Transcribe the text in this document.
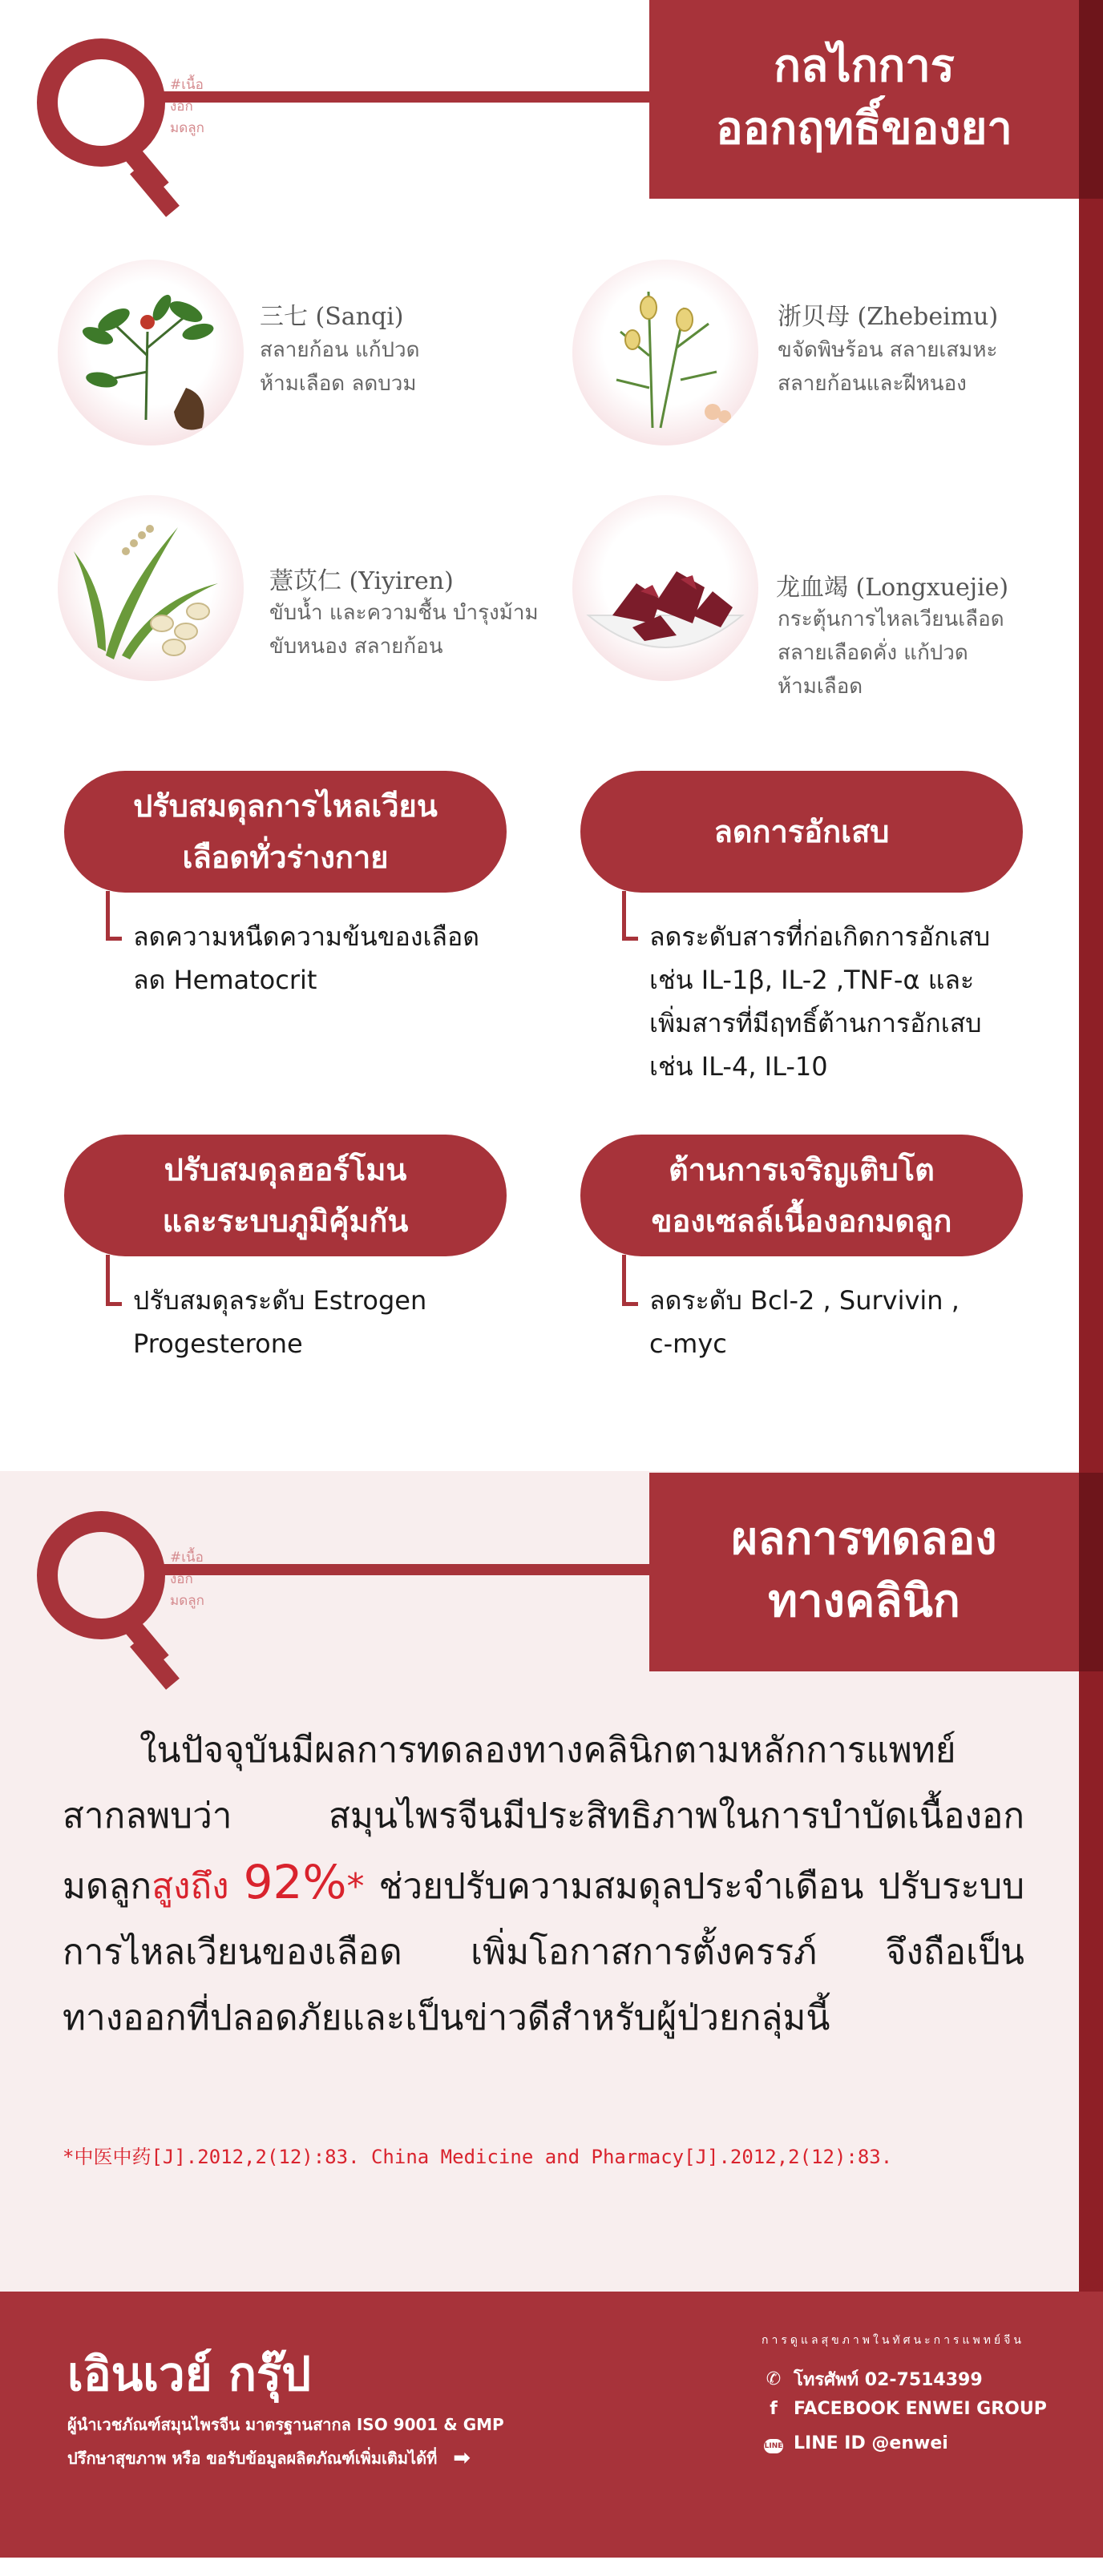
#เนื้องอกมดลูก
กลไกการ
ออกฤทธิ์ของยา
三七 (Sanqi)
สลายก้อน แก้ปวด
ห้ามเลือด ลดบวม
浙贝母 (Zhebeimu)
ขจัดพิษร้อน สลายเสมหะ
สลายก้อนและฝีหนอง
薏苡仁 (Yiyiren)
ขับน้ำ และความชื้น บำรุงม้าม
ขับหนอง สลายก้อน
龙血竭 (Longxuejie)
กระตุ้นการไหลเวียนเลือด
สลายเลือดคั่ง แก้ปวด
ห้ามเลือด
ปรับสมดุลการไหลเวียน
เลือดทั่วร่างกาย
ลดความหนืดความข้นของเลือด
ลด Hematocrit
ลดการอักเสบ
ลดระดับสารที่ก่อเกิดการอักเสบ
เช่น IL-1β, IL-2 ,TNF-α และ
เพิ่มสารที่มีฤทธิ์ต้านการอักเสบ
เช่น IL-4, IL-10
ปรับสมดุลฮอร์โมน
และระบบภูมิคุ้มกัน
ปรับสมดุลระดับ Estrogen
Progesterone
ต้านการเจริญเติบโต
ของเซลล์เนื้องอกมดลูก
ลดระดับ Bcl-2 , Survivin ,
c-myc
#เนื้องอกมดลูก
ผลการทดลอง
ทางคลินิก
ในปัจจุบันมีผลการทดลองทางคลินิกตามหลักการแพทย์สากลพบว่า สมุนไพรจีนมีประสิทธิภาพในการบำบัดเนื้องอกมดลูกสูงถึง 92%* ช่วยปรับความสมดุลประจำเดือน ปรับระบบการไหลเวียนของเลือด เพิ่มโอกาสการตั้งครรภ์ จึงถือเป็นทางออกที่ปลอดภัยและเป็นข่าวดีสำหรับผู้ป่วยกลุ่มนี้
*中医中药[J].2012,2(12):83. China Medicine and Pharmacy[J].2012,2(12):83.
เอินเวย์ กรุ๊ป
ผู้นำเวชภัณฑ์สมุนไพรจีน มาตรฐานสากล ISO 9001 & GMP
ปรึกษาสุขภาพ หรือ ขอรับข้อมูลผลิตภัณฑ์เพิ่มเติมได้ที่ ➡
การดูแลสุขภาพในทัศนะการแพทย์จีน
✆ โทรศัพท์ 02-7514399
f FACEBOOK ENWEI GROUP
LINE LINE ID @enwei
